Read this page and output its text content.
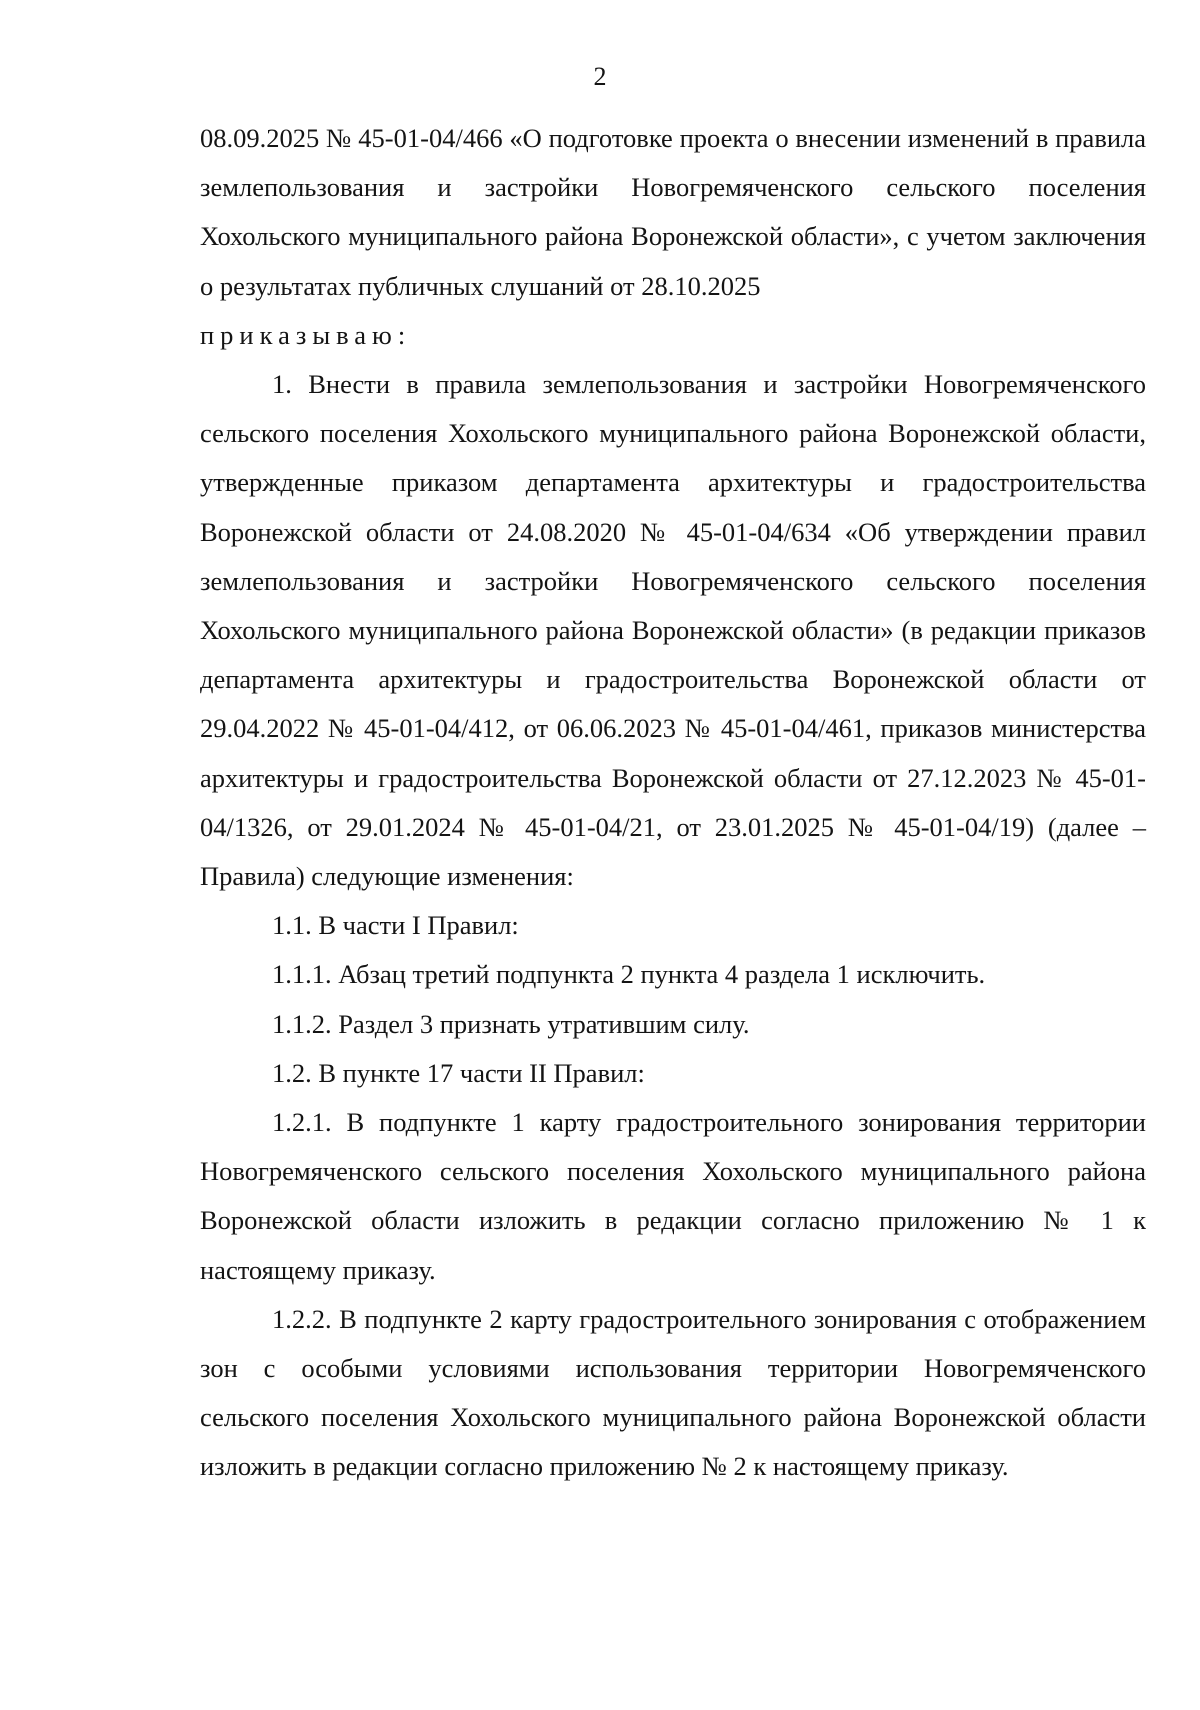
2

08.09.2025 № 45-01-04/466 «О подготовке проекта о внесении изменений в правила землепользования и застройки Новогремяченского сельского поселения Хохольского муниципального района Воронежской области», с учетом заключения о результатах публичных слушаний от 28.10.2025

приказываю:

1. Внести в правила землепользования и застройки Новогремяченского сельского поселения Хохольского муниципального района Воронежской области, утвержденные приказом департамента архитектуры и градостроительства Воронежской области от 24.08.2020 № 45-01-04/634 «Об утверждении правил землепользования и застройки Новогремяченского сельского поселения Хохольского муниципального района Воронежской области» (в редакции приказов департамента архитектуры и градостроительства Воронежской области от 29.04.2022 № 45-01-04/412, от 06.06.2023 № 45-01-04/461, приказов министерства архитектуры и градостроительства Воронежской области от 27.12.2023 № 45-01-04/1326, от 29.01.2024 № 45-01-04/21, от 23.01.2025 № 45-01-04/19) (далее – Правила) следующие изменения:

1.1. В части I Правил:

1.1.1. Абзац третий подпункта 2 пункта 4 раздела 1 исключить.

1.1.2. Раздел 3 признать утратившим силу.

1.2. В пункте 17 части II Правил:

1.2.1. В подпункте 1 карту градостроительного зонирования территории Новогремяченского сельского поселения Хохольского муниципального района Воронежской области изложить в редакции согласно приложению № 1 к настоящему приказу.

1.2.2. В подпункте 2 карту градостроительного зонирования с отображением зон с особыми условиями использования территории Новогремяченского сельского поселения Хохольского муниципального района Воронежской области изложить в редакции согласно приложению № 2 к настоящему приказу.
